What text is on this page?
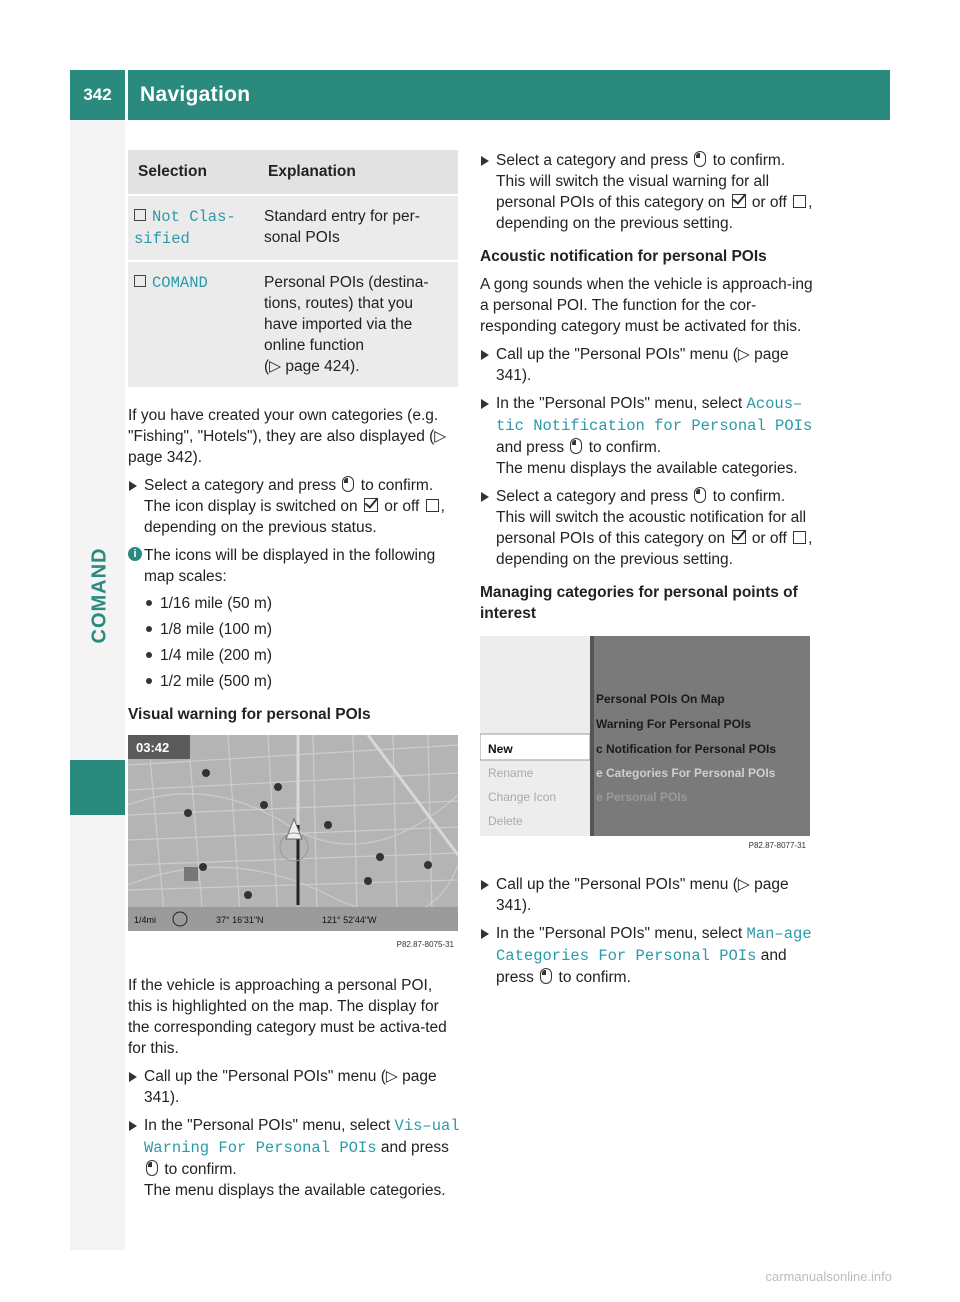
342	Navigation
COMAND
Selection	Explanation
Not Clas-
sified	Standard entry for per-
sonal POIs
COMAND	Personal POIs (destina-
tions, routes) that you
have imported via the
online function
(▷ page 424).

If you have created your own categories (e.g. "Fishing", "Hotels"), they are also displayed (▷ page 342).

Select a category and press to confirm. The icon display is switched on or off , depending on the previous status.
i The icons will be displayed in the following map scales:
1/16 mile (50 m)
1/8 mile (100 m)
1/4 mile (200 m)
1/2 mile (500 m)
Visual warning for personal POIs
03:42
1/4mi	37° 16'31"N	121° 52'44"W
P82.87-8075-31

If the vehicle is approaching a personal POI, this is highlighted on the map. The display for the corresponding category must be activa-ted for this.

Call up the "Personal POIs" menu (▷ page 341).
In the "Personal POIs" menu, select Vis–ual Warning For Personal POIs and press  to confirm.
The menu displays the available categories.
Select a category and press to confirm. This will switch the visual warning for all personal POIs of this category on or off , depending on the previous setting.
Acoustic notification for personal POIs

A gong sounds when the vehicle is approach-ing a personal POI. The function for the cor-responding category must be activated for this.

Call up the "Personal POIs" menu (▷ page 341).
In the "Personal POIs" menu, select Acous–tic Notification for Personal POIs and press to confirm.
The menu displays the available categories.
Select a category and press to confirm. This will switch the acoustic notification for all personal POIs of this category on or off , depending on the previous setting.
Managing categories for personal points of interest
New
Rename
Change Icon
Delete
Personal POIs On Map
Warning For Personal POIs
c Notification for Personal POIs
e Categories For Personal POIs
e Personal POIs
P82.87-8077-31
Call up the "Personal POIs" menu (▷ page 341).
In the "Personal POIs" menu, select Man–age Categories For Personal POIs and press to confirm.
carmanualsonline.info
